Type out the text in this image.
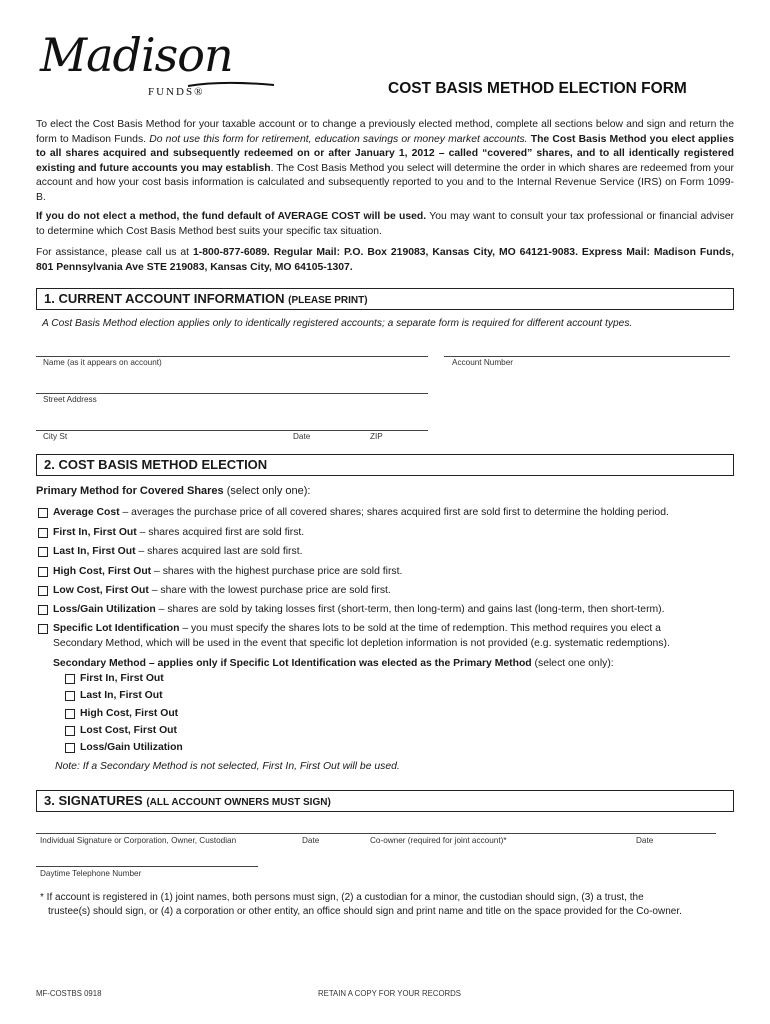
Madison
FUNDS®	COST BASIS METHOD ELECTION FORM
To elect the Cost Basis Method for your taxable account or to change a previously elected method, complete all sections below and sign and return the form to Madison Funds. Do not use this form for retirement, education savings or money market accounts. The Cost Basis Method you elect applies to all shares acquired and subsequently redeemed on or after January 1, 2012 – called “covered” shares, and to all identically registered existing and future accounts you may establish. The Cost Basis Method you select will determine the order in which shares are redeemed from your account and how your cost basis information is calculated and subsequently reported to you and to the Internal Revenue Service (IRS) on Form 1099-B.
If you do not elect a method, the fund default of AVERAGE COST will be used. You may want to consult your tax professional or financial adviser to determine which Cost Basis Method best suits your specific tax situation.
For assistance, please call us at 1-800-877-6089. Regular Mail: P.O. Box 219083, Kansas City, MO 64121-9083. Express Mail: Madison Funds, 801 Pennsylvania Ave STE 219083, Kansas City, MO 64105-1307.
1. CURRENT ACCOUNT INFORMATION (PLEASE PRINT)
A Cost Basis Method election applies only to identically registered accounts; a separate form is required for different account types.
Name (as it appears on account)	Account Number
Street Address
City St	Date	ZIP
2. COST BASIS METHOD ELECTION
Primary Method for Covered Shares (select only one):
Average Cost – averages the purchase price of all covered shares; shares acquired first are sold first to determine the holding period.
First In, First Out – shares acquired first are sold first.
Last In, First Out – shares acquired last are sold first.
High Cost, First Out – shares with the highest purchase price are sold first.
Low Cost, First Out – share with the lowest purchase price are sold first.
Loss/Gain Utilization – shares are sold by taking losses first (short-term, then long-term) and gains last (long-term, then short-term).
Specific Lot Identification – you must specify the shares lots to be sold at the time of redemption. This method requires you elect a
Secondary Method, which will be used in the event that specific lot depletion information is not provided (e.g. systematic redemptions).
Secondary Method – applies only if Specific Lot Identification was elected as the Primary Method (select one only):
First In, First Out
Last In, First Out
High Cost, First Out
Lost Cost, First Out
Loss/Gain Utilization
Note: If a Secondary Method is not selected, First In, First Out will be used.
3. SIGNATURES (ALL ACCOUNT OWNERS MUST SIGN)
Individual Signature or Corporation, Owner, Custodian	Date	Co-owner (required for joint account)*	Date
Daytime Telephone Number
* If account is registered in (1) joint names, both persons must sign, (2) a custodian for a minor, the custodian should sign, (3) a trust, the
trustee(s) should sign, or (4) a corporation or other entity, an office should sign and print name and title on the space provided for the Co-owner.
MF-COSTBS 0918	RETAIN A COPY FOR YOUR RECORDS
